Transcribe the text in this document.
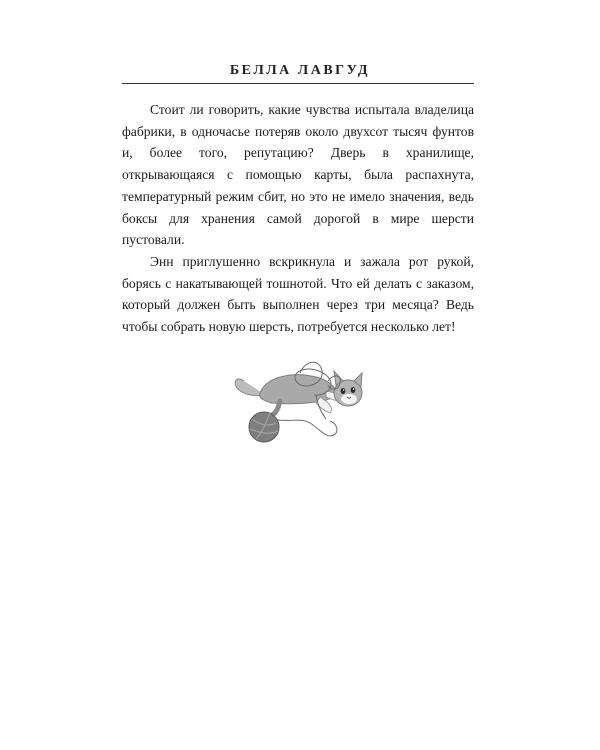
БЕЛЛА ЛАВГУД

Стоит ли говорить, какие чувства испытала владелица фабрики, в одночасье потеряв около двухсот тысяч фунтов и, более того, репутацию? Дверь в хранилище, открывающаяся с помощью карты, была распахнута, температурный режим сбит, но это не имело значения, ведь боксы для хранения самой дорогой в мире шерсти пустовали.

Энн приглушенно вскрикнула и зажала рот рукой, борясь с накатывающей тошнотой. Что ей делать с заказом, который должен быть выполнен через три месяца? Ведь чтобы собрать новую шерсть, потребуется несколько лет!
